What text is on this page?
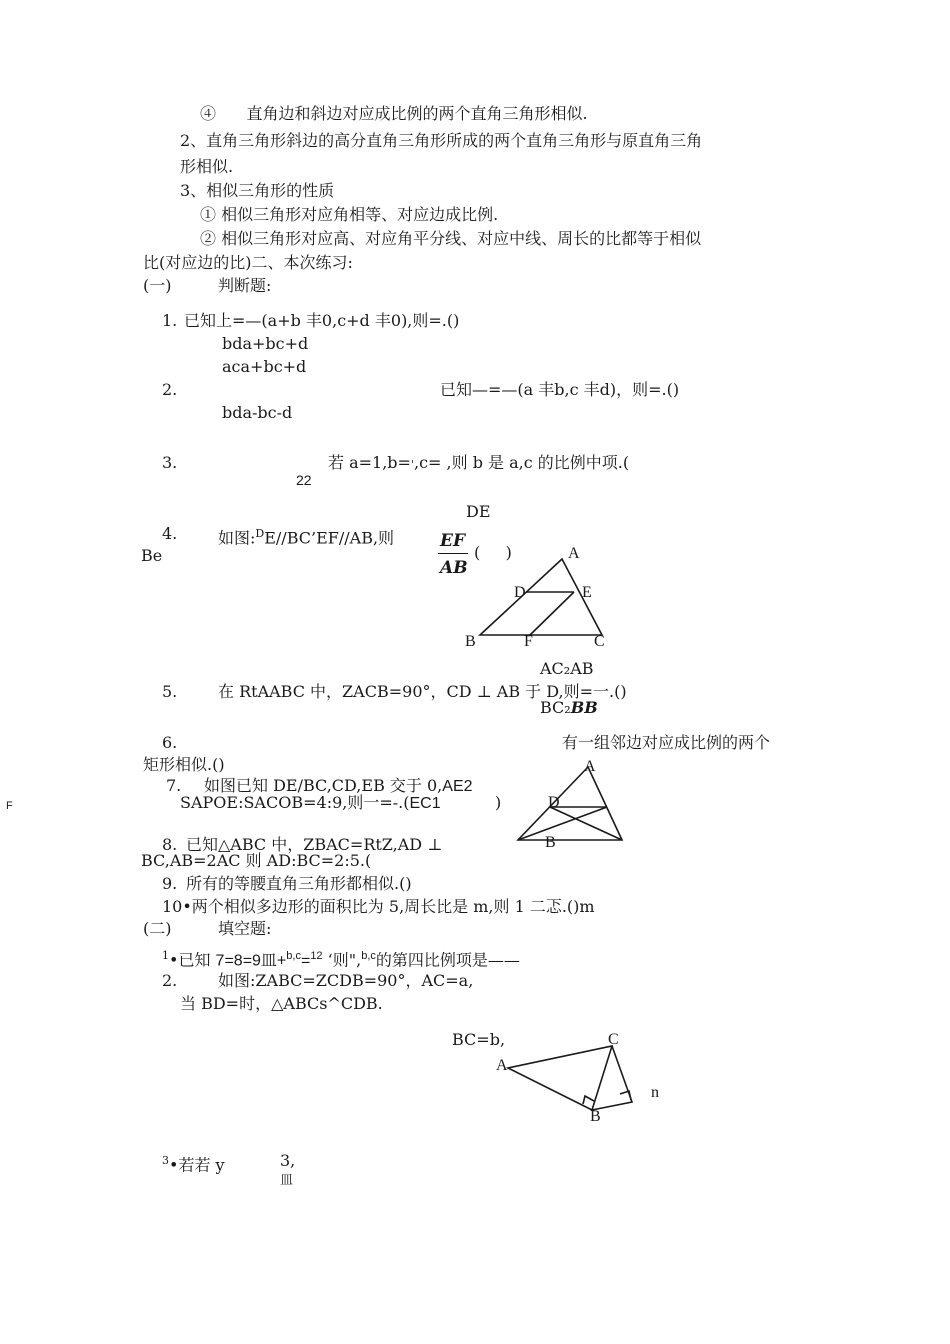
④      直角边和斜边对应成比例的两个直角三角形相似.
2、直角三角形斜边的高分直角三角形所成的两个直角三角形与原直角三角
形相似.
3、相似三角形的性质
① 相似三角形对应角相等、对应边成比例.
② 相似三角形对应高、对应角平分线、对应中线、周长的比都等于相似
比(对应边的比)二、本次练习:
(一)	判断题:
1. 已知上=—(a+b 丰0,c+d 丰0),则=.()
bda+bc+d
aca+bc+d
2.	已知—=—(a 丰b,c 丰d)，则=.()
bda-bc-d
3.	若 a=1,b=',c= ,则 b 是 a,c 的比例中项.(
22
DE
4.	如图:$^D$E//BC’EF//AB,则
Be
EF
AB
(     )	A
D	E
B	F	C
AC₂AB
5.	在 RtAABC 中，ZACB=90°，CD ⊥ AB 于 D,则=一.()
BC₂BB
6.	有一组邻边对应成比例的两个
矩形相似.()
7. 如图已知 DE/BC,CD,EB 交于 0,AE2
SAPOE:SACOB=4:9,则一=-.(EC1	)
F
A
D
B
8. 已知△ABC 中，ZBAC=RtZ,AD ⊥
BC,AB=2AC 则 AD:BC=2:5.(
9. 所有的等腰直角三角形都相似.()
10•两个相似多边形的面积比为 5,周长比是 m,则 1 二忑.()m
(二)	填空题:
$^1$•已知 7=8=9皿+$^{b,c}$=$^{12}$ ‘则",$^{b,c}$的第四比例项是——
2.	如图:ZABC=ZCDB=90°，AC=a,
当 BD=时，△ABCs^CDB.
BC=b,	C
A
B
n
$^3$•若若 y	3,
皿
